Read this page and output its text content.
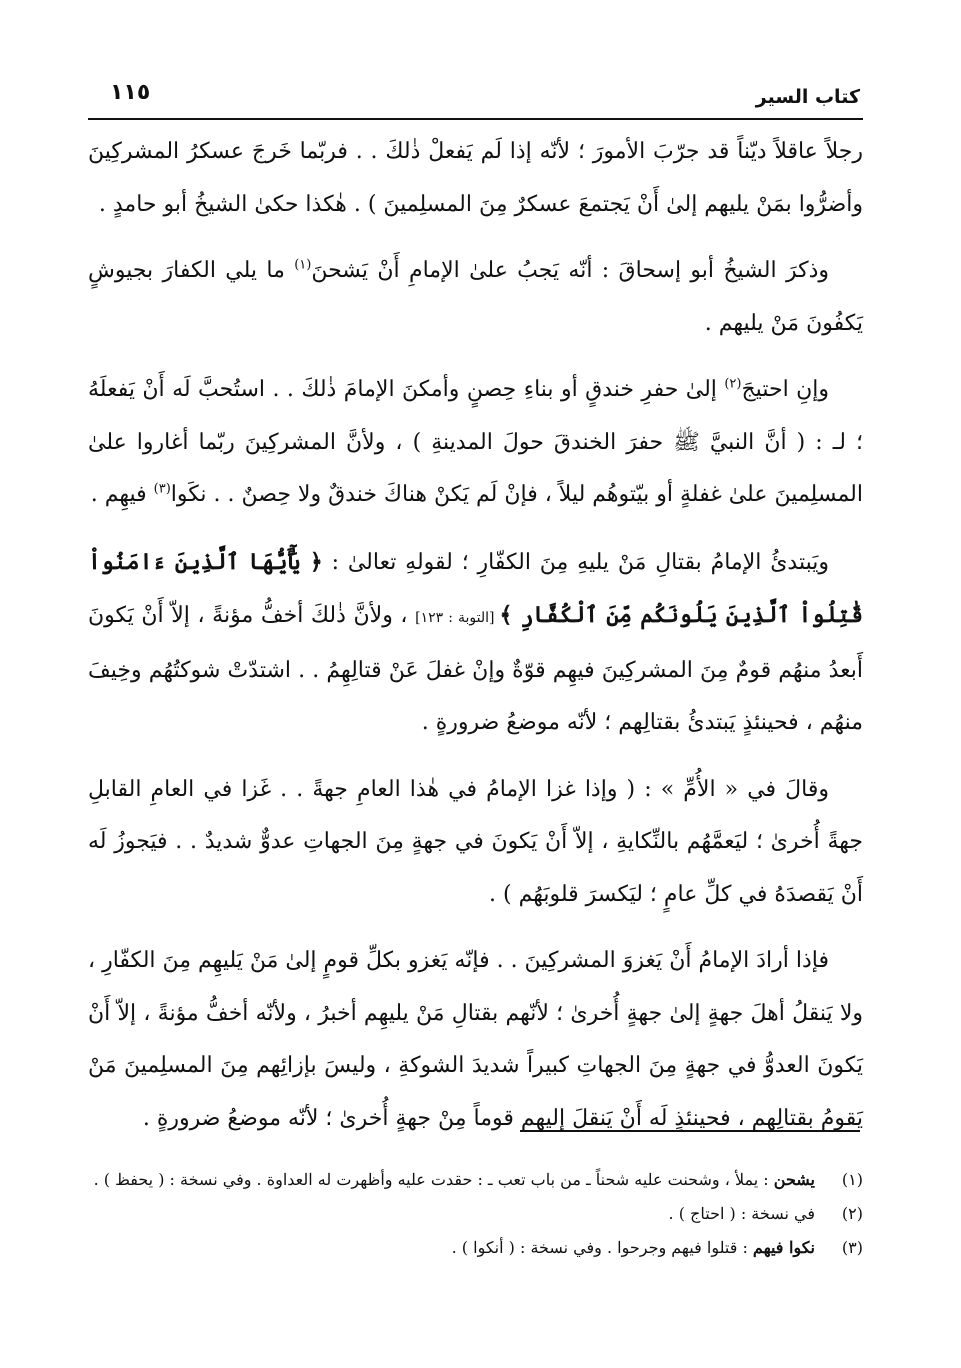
كتاب السير
١١٥

رجلاً عاقلاً ديّناً قد جرّبَ الأمورَ ؛ لأنّه إذا لَم يَفعلْ ذٰلكَ . . فربّما خَرجَ عسكرُ المشركِينَ وأضرُّوا بمَنْ يليهم إلىٰ أَنْ يَجتمعَ عسكرٌ مِنَ المسلِمينَ ) . هٰكذا حكىٰ الشيخُ أبو حامدٍ .

وذكرَ الشيخُ أبو إسحاقَ : أنّه يَجبُ علىٰ الإمامِ أَنْ يَشحنَ$^{(١)}$ ما يلي الكفارَ بجيوشٍ يَكفُونَ مَنْ يليهم .

وإنِ احتيجَ$^{(٢)}$ إلىٰ حفرِ خندقٍ أو بناءِ حِصنٍ وأمكنَ الإمامَ ذٰلكَ . . استُحبَّ لَه أَنْ يَفعلَهُ ؛ لـ : ( أنَّ النبيَّ ﷺ حفرَ الخندقَ حولَ المدينةِ ) ، ولأنَّ المشركِينَ ربّما أغاروا علىٰ المسلِمينَ علىٰ غفلةٍ أو بيّتوهُم ليلاً ، فإنْ لَم يَكنْ هناكَ خندقٌ ولا حِصنٌ . . نكَوا$^{(٣)}$ فيهِم .

ويَبتدئُ الإمامُ بقتالِ مَنْ يليهِ مِنَ الكفّارِ ؛ لقولهِ تعالىٰ : ﴿ يَٰٓأَيُّهَا ٱلَّذِينَ ءَامَنُواْ قَٰتِلُواْ ٱلَّذِينَ يَلُونَكُم مِّنَ ٱلْكُفَّارِ ﴾ [التوبة : ١٢٣] ، ولأنَّ ذٰلكَ أخفُّ مؤنةً ، إلاّ أَنْ يَكونَ أَبعدُ منهُم قومٌ مِنَ المشركِينَ فيهِم قوّةٌ وإنْ غفلَ عَنْ قتالِهِمُ . . اشتدّتْ شوكتُهُم وخِيفَ منهُم ، فحينئذٍ يَبتدئُ بقتالِهم ؛ لأنّه موضعُ ضرورةٍ .

وقالَ في « الأُمِّ » : ( وإذا غزا الإمامُ في هٰذا العامِ جهةً . . غَزا في العامِ القابلِ جهةً أُخرىٰ ؛ ليَعمَّهُم بالنِّكايةِ ، إلاّ أَنْ يَكونَ في جهةٍ مِنَ الجهاتِ عدوٌّ شديدٌ . . فيَجوزُ لَه أَنْ يَقصدَهُ في كلِّ عامٍ ؛ ليَكسرَ قلوبَهُم ) .

فإذا أرادَ الإمامُ أَنْ يَغزوَ المشركِينَ . . فإنّه يَغزو بكلِّ قومٍ إلىٰ مَنْ يَليهِم مِنَ الكفّارِ ، ولا يَنقلُ أهلَ جهةٍ إلىٰ جهةٍ أُخرىٰ ؛ لأنّهم بقتالِ مَنْ يليهِم أخبرُ ، ولأنّه أخفُّ مؤنةً ، إلاّ أَنْ يَكونَ العدوُّ في جهةٍ مِنَ الجهاتِ كبيراً شديدَ الشوكةِ ، وليسَ بإزائِهم مِنَ المسلِمينَ مَنْ يَقومُ بقتالِهم ، فحينئذٍ لَه أَنْ يَنقلَ إليهم قوماً مِنْ جهةٍ أُخرىٰ ؛ لأنّه موضعُ ضرورةٍ .

(١)
يشحن : يملأ ، وشحنت عليه شحناً ـ من باب تعب ـ : حقدت عليه وأظهرت له العداوة . وفي نسخة : ( يحفظ ) .
(٢)
في نسخة : ( احتاج ) .
(٣)
نكوا فيهم : قتلوا فيهم وجرحوا . وفي نسخة : ( أنكوا ) .
